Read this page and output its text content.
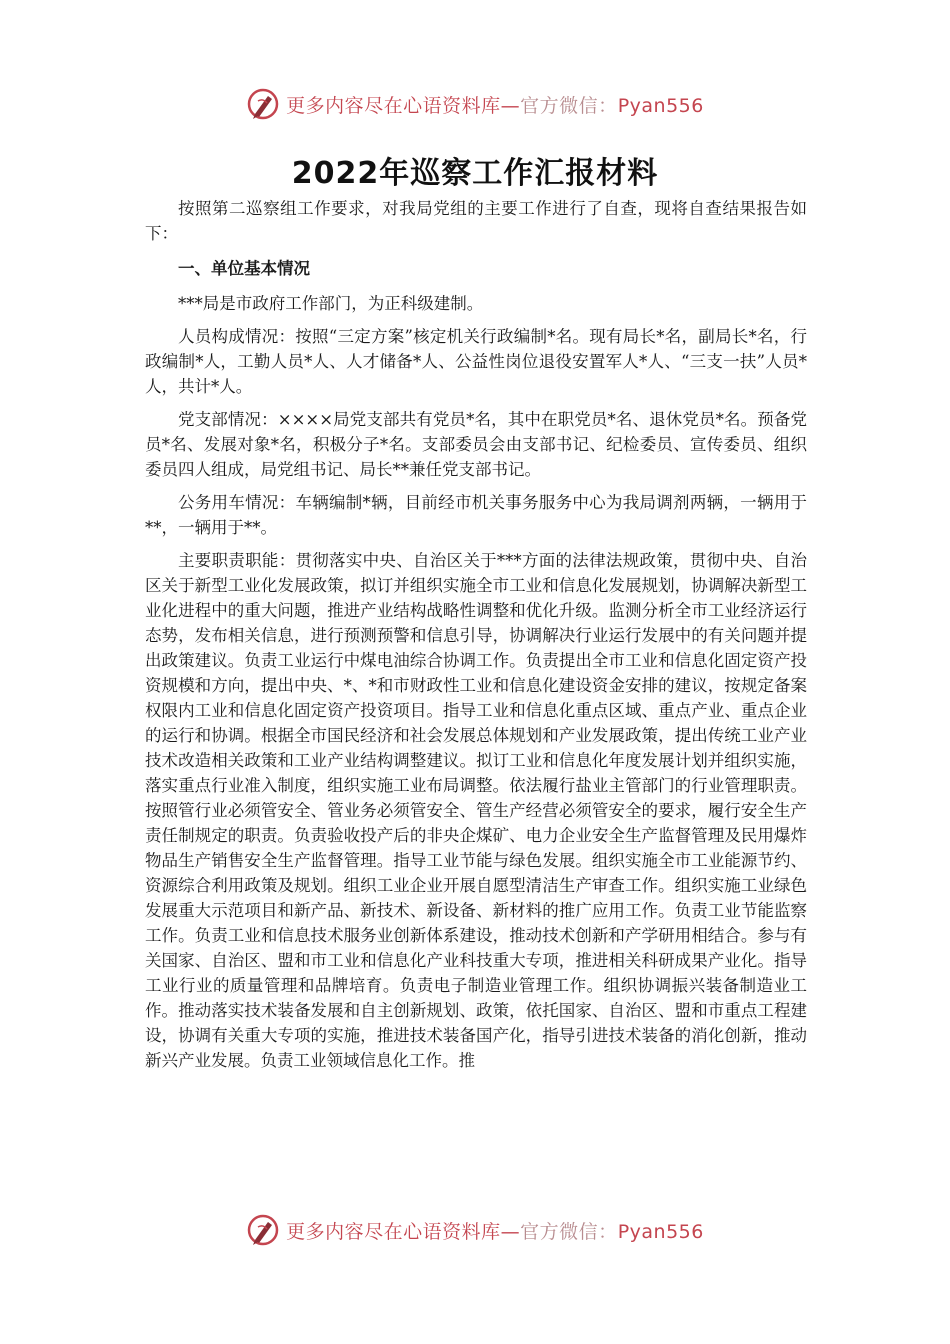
更多内容尽在心语资料库—官方微信：Pyan556
2022年巡察工作汇报材料

按照第二巡察组工作要求，对我局党组的主要工作进行了自查，现将自查结果报告如下：

一、单位基本情况

***局是市政府工作部门，为正科级建制。

人员构成情况：按照“三定方案”核定机关行政编制*名。现有局长*名，副局长*名，行政编制*人，工勤人员*人、人才储备*人、公益性岗位退役安置军人*人、“三支一扶”人员*人，共计*人。

党支部情况：××××局党支部共有党员*名，其中在职党员*名、退休党员*名。预备党员*名、发展对象*名，积极分子*名。支部委员会由支部书记、纪检委员、宣传委员、组织委员四人组成，局党组书记、局长**兼任党支部书记。

公务用车情况：车辆编制*辆，目前经市机关事务服务中心为我局调剂两辆，一辆用于**，一辆用于**。

主要职责职能：贯彻落实中央、自治区关于***方面的法律法规政策，贯彻中央、自治区关于新型工业化发展政策，拟订并组织实施全市工业和信息化发展规划，协调解决新型工业化进程中的重大问题，推进产业结构战略性调整和优化升级。监测分析全市工业经济运行态势，发布相关信息，进行预测预警和信息引导，协调解决行业运行发展中的有关问题并提出政策建议。负责工业运行中煤电油综合协调工作。负责提出全市工业和信息化固定资产投资规模和方向，提出中央、*、*和市财政性工业和信息化建设资金安排的建议，按规定备案权限内工业和信息化固定资产投资项目。指导工业和信息化重点区域、重点产业、重点企业的运行和协调。根据全市国民经济和社会发展总体规划和产业发展政策，提出传统工业产业技术改造相关政策和工业产业结构调整建议。拟订工业和信息化年度发展计划并组织实施，落实重点行业准入制度，组织实施工业布局调整。依法履行盐业主管部门的行业管理职责。按照管行业必须管安全、管业务必须管安全、管生产经营必须管安全的要求，履行安全生产责任制规定的职责。负责验收投产后的非央企煤矿、电力企业安全生产监督管理及民用爆炸物品生产销售安全生产监督管理。指导工业节能与绿色发展。组织实施全市工业能源节约、资源综合利用政策及规划。组织工业企业开展自愿型清洁生产审查工作。组织实施工业绿色发展重大示范项目和新产品、新技术、新设备、新材料的推广应用工作。负责工业节能监察工作。负责工业和信息技术服务业创新体系建设，推动技术创新和产学研用相结合。参与有关国家、自治区、盟和市工业和信息化产业科技重大专项，推进相关科研成果产业化。指导工业行业的质量管理和品牌培育。负责电子制造业管理工作。组织协调振兴装备制造业工作。推动落实技术装备发展和自主创新规划、政策，依托国家、自治区、盟和市重点工程建设，协调有关重大专项的实施，推进技术装备国产化，指导引进技术装备的消化创新，推动新兴产业发展。负责工业领域信息化工作。推

更多内容尽在心语资料库—官方微信：Pyan556
